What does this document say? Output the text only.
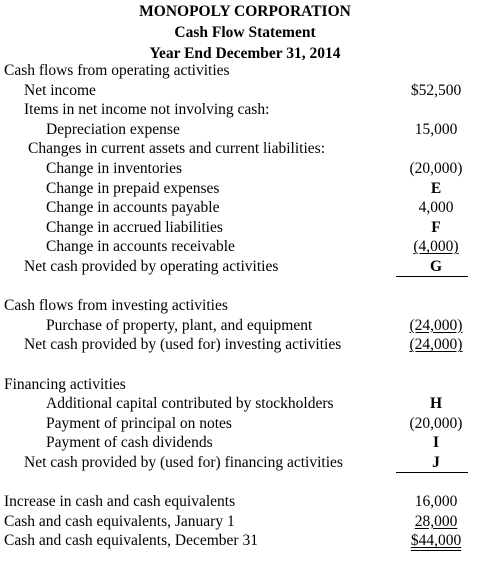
MONOPOLY CORPORATION
Cash Flow Statement
Year End December 31, 2014
Cash flows from operating activities
Net income	$52,500
Items in net income not involving cash:
Depreciation expense	15,000
Changes in current assets and current liabilities:
Change in inventories	(20,000)
Change in prepaid expenses	E
Change in accounts payable	4,000
Change in accrued liabilities	F
Change in accounts receivable	(4,000)
Net cash provided by operating activities	G
Cash flows from investing activities
Purchase of property, plant, and equipment	(24,000)
Net cash provided by (used for) investing activities	(24,000)
Financing activities
Additional capital contributed by stockholders	H
Payment of principal on notes	(20,000)
Payment of cash dividends	I
Net cash provided by (used for) financing activities	J
Increase in cash and cash equivalents	16,000
Cash and cash equivalents, January 1	28,000
Cash and cash equivalents, December 31	$44,000
